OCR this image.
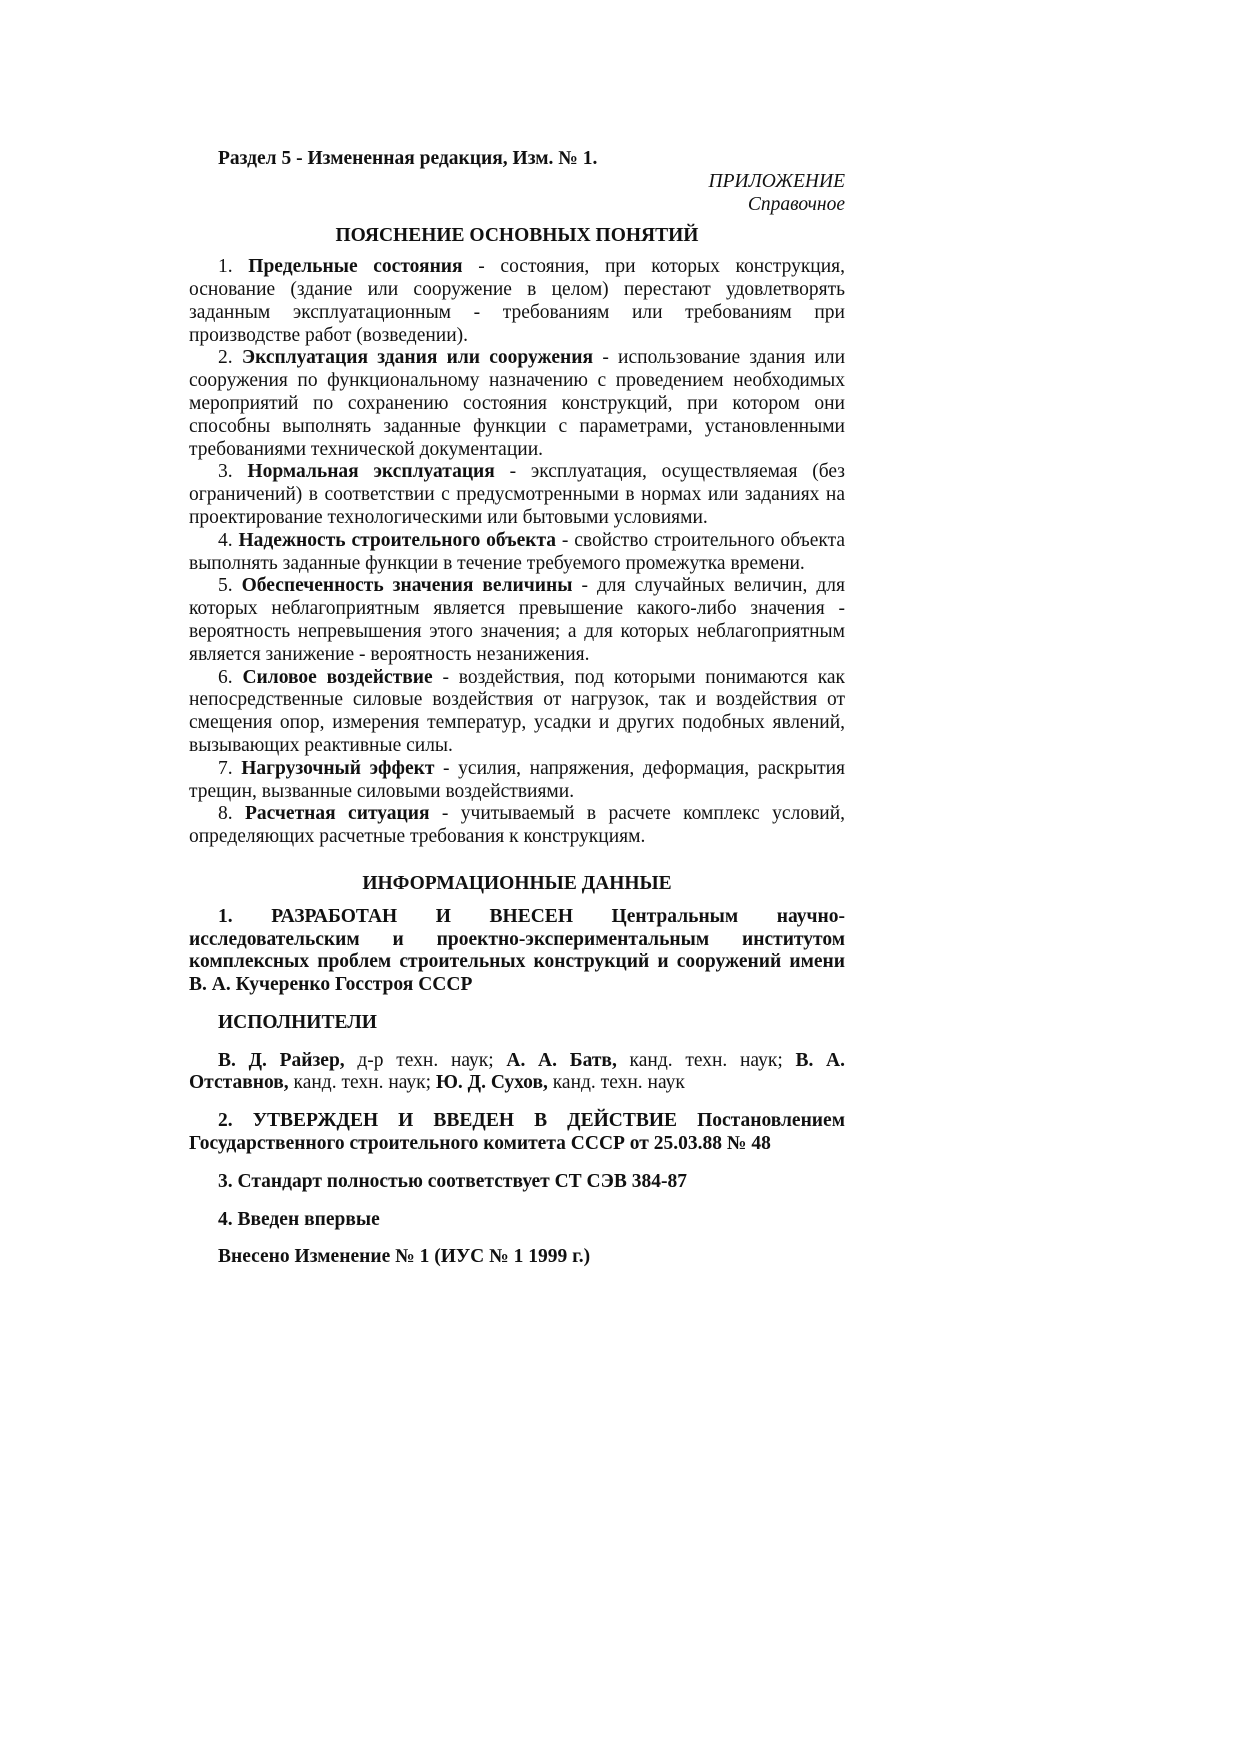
Раздел 5 - Измененная редакция, Изм. № 1.

ПРИЛОЖЕНИЕ

Справочное

ПОЯСНЕНИЕ ОСНОВНЫХ ПОНЯТИЙ

1. Предельные состояния - состояния, при которых конструкция, основание (здание или сооружение в целом) перестают удовлетворять заданным эксплуатационным - требованиям или требованиям при производстве работ (возведении).

2. Эксплуатация здания или сооружения - использование здания или сооружения по функциональному назначению с проведением необходимых мероприятий по сохранению состояния конструкций, при котором они способны выполнять заданные функции с параметрами, установленными требованиями технической документации.

3. Нормальная эксплуатация - эксплуатация, осуществляемая (без ограничений) в соответствии с предусмотренными в нормах или заданиях на проектирование технологическими или бытовыми условиями.

4. Надежность строительного объекта - свойство строительного объекта выполнять заданные функции в течение требуемого промежутка времени.

5. Обеспеченность значения величины - для случайных величин, для которых неблагоприятным является превышение какого-либо значения - вероятность непревышения этого значения; а для которых неблагоприятным является занижение - вероятность незанижения.

6. Силовое воздействие - воздействия, под которыми понимаются как непосредственные силовые воздействия от нагрузок, так и воздействия от смещения опор, измерения температур, усадки и других подобных явлений, вызывающих реактивные силы.

7. Нагрузочный эффект - усилия, напряжения, деформация, раскрытия трещин, вызванные силовыми воздействиями.

8. Расчетная ситуация - учитываемый в расчете комплекс условий, определяющих расчетные требования к конструкциям.

ИНФОРМАЦИОННЫЕ ДАННЫЕ

1. РАЗРАБОТАН И ВНЕСЕН Центральным научно-исследовательским и проектно-экспериментальным институтом комплексных проблем строительных конструкций и сооружений имени В. А. Кучеренко Госстроя СССР

ИСПОЛНИТЕЛИ

В. Д. Райзер, д-р техн. наук; А. А. Батв, канд. техн. наук; В. А. Отставнов, канд. техн. наук; Ю. Д. Сухов, канд. техн. наук

2. УТВЕРЖДЕН И ВВЕДЕН В ДЕЙСТВИЕ Постановлением Государственного строительного комитета СССР от 25.03.88 № 48

3. Стандарт полностью соответствует СТ СЭВ 384-87

4. Введен впервые

Внесено Изменение № 1 (ИУС № 1 1999 г.)
